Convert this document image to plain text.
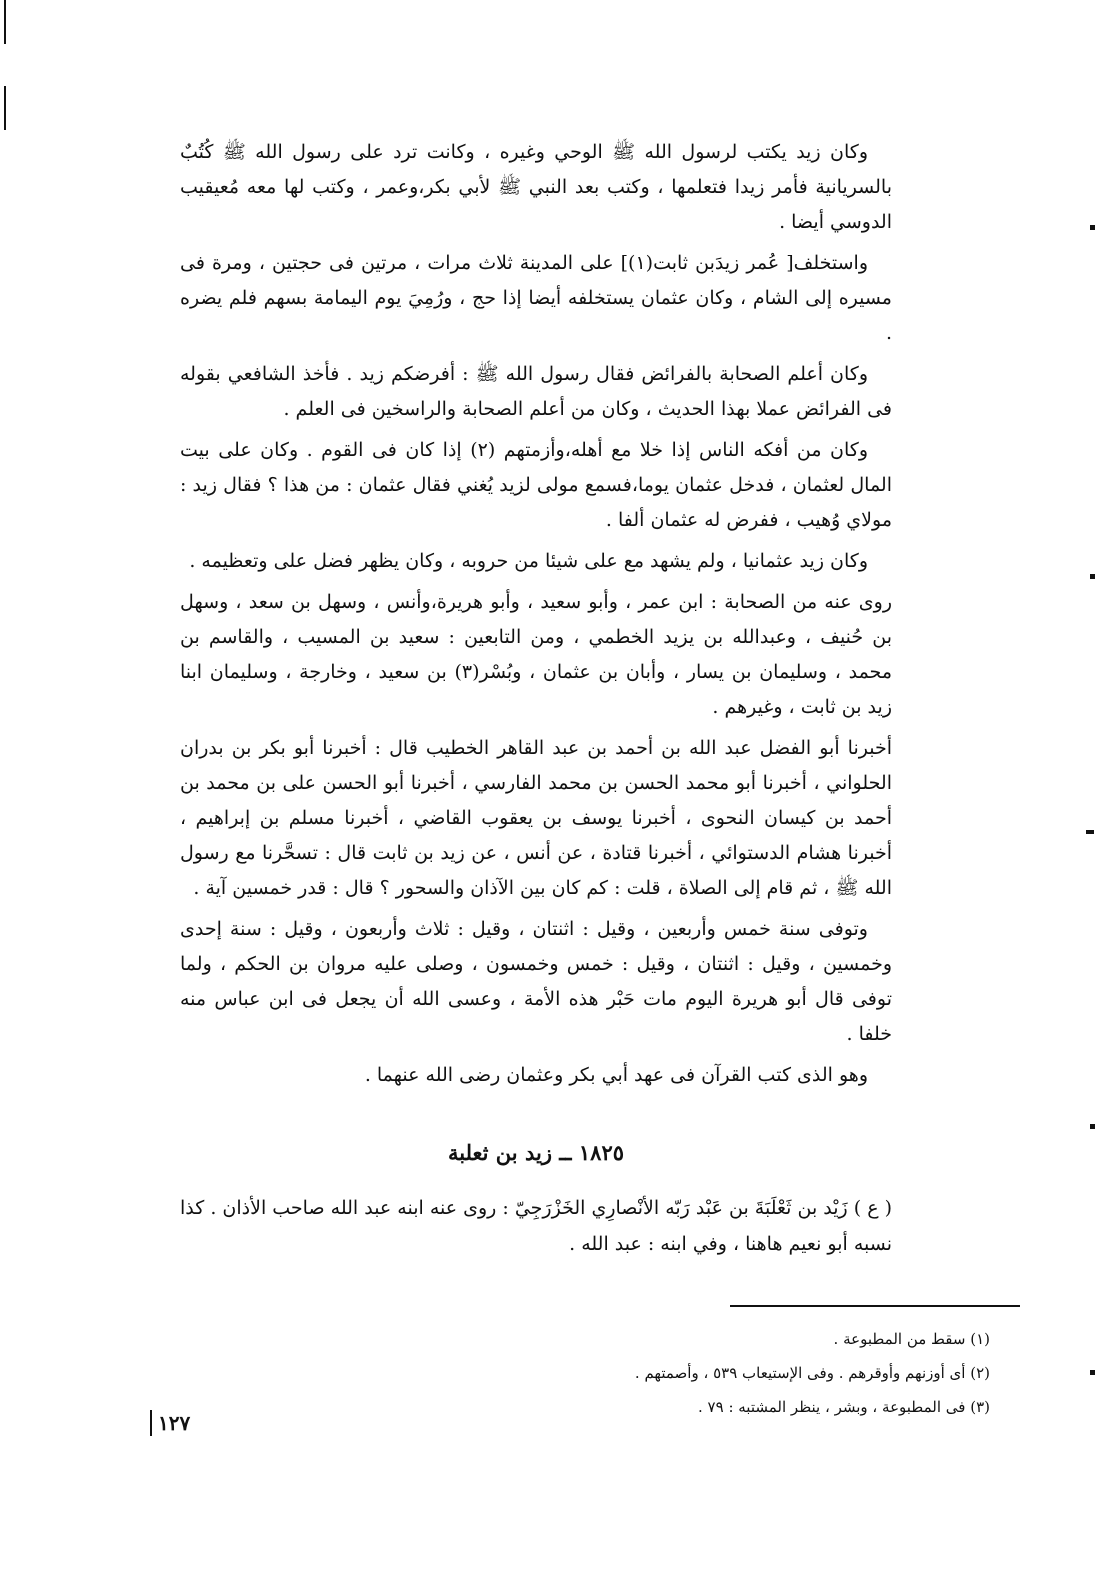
وكان زيد يكتب لرسول الله ﷺ الوحي وغيره ، وكانت ترد على رسول الله ﷺ كُتُبٌ بالسريانية فأمر زيدا فتعلمها ، وكتب بعد النبي ﷺ لأبي بكر،وعمر ، وكتب لها معه مُعيقيب الدوسي أيضا .

واستخلف[ عُمر زيدَبن ثابت(١)] على المدينة ثلاث مرات ، مرتين فى حجتين ، ومرة فى مسيره إلى الشام ، وكان عثمان يستخلفه أيضا إذا حج ، ورُمِيَ يوم اليمامة بسهم فلم يضره .

وكان أعلم الصحابة بالفرائض فقال رسول الله ﷺ : أفرضكم زيد . فأخذ الشافعي بقوله فى الفرائض عملا بهذا الحديث ، وكان من أعلم الصحابة والراسخين فى العلم .

وكان من أفكه الناس إذا خلا مع أهله،وأزمتهم (٢) إذا كان فى القوم . وكان على بيت المال لعثمان ، فدخل عثمان يوما،فسمع مولى لزيد يُغني فقال عثمان : من هذا ؟ فقال زيد : مولاي وُهيب ، ففرض له عثمان ألفا .

وكان زيد عثمانيا ، ولم يشهد مع على شيئا من حروبه ، وكان يظهر فضل على وتعظيمه .

روى عنه من الصحابة : ابن عمر ، وأبو سعيد ، وأبو هريرة،وأنس ، وسهل بن سعد ، وسهل بن حُنيف ، وعبدالله بن يزيد الخطمي ، ومن التابعين : سعيد بن المسيب ، والقاسم بن محمد ، وسليمان بن يسار ، وأبان بن عثمان ، وبُسْر(٣) بن سعيد ، وخارجة ، وسليمان ابنا زيد بن ثابت ، وغيرهم .

أخبرنا أبو الفضل عبد الله بن أحمد بن عبد القاهر الخطيب قال : أخبرنا أبو بكر بن بدران الحلواني ، أخبرنا أبو محمد الحسن بن محمد الفارسي ، أخبرنا أبو الحسن على بن محمد بن أحمد بن كيسان النحوى ، أخبرنا يوسف بن يعقوب القاضي ، أخبرنا مسلم بن إبراهيم ، أخبرنا هشام الدستوائي ، أخبرنا قتادة ، عن أنس ، عن زيد بن ثابت قال : تسحَّرنا مع رسول الله ﷺ ، ثم قام إلى الصلاة ، قلت : كم كان بين الآذان والسحور ؟ قال : قدر خمسين آية .

وتوفى سنة خمس وأربعين ، وقيل : اثنتان ، وقيل : ثلاث وأربعون ، وقيل : سنة إحدى وخمسين ، وقيل : اثنتان ، وقيل : خمس وخمسون ، وصلى عليه مروان بن الحكم ، ولما توفى قال أبو هريرة اليوم مات حَبْر هذه الأمة ، وعسى الله أن يجعل فى ابن عباس منه خلفا .

وهو الذى كتب القرآن فى عهد أبي بكر وعثمان رضى الله عنهما .

١٨٢٥ ــ زيد بن ثعلبة
( ع ) زَيْد بن ثَعْلَبَةَ بن عَبْد رَبّه الأنْصارِي الخَزْرَجِيّ : روى عنه ابنه عبد الله صاحب الأذان . كذا نسبه أبو نعيم هاهنا ، وفي ابنه : عبد الله .

(١) سقط من المطبوعة .

(٢) أى أوزنهم وأوقرهم . وفى الإستيعاب ٥٣٩ ، وأصمتهم .

(٣) فى المطبوعة ، وبشر ، ينظر المشتبه : ٧٩ .

١٢٧
